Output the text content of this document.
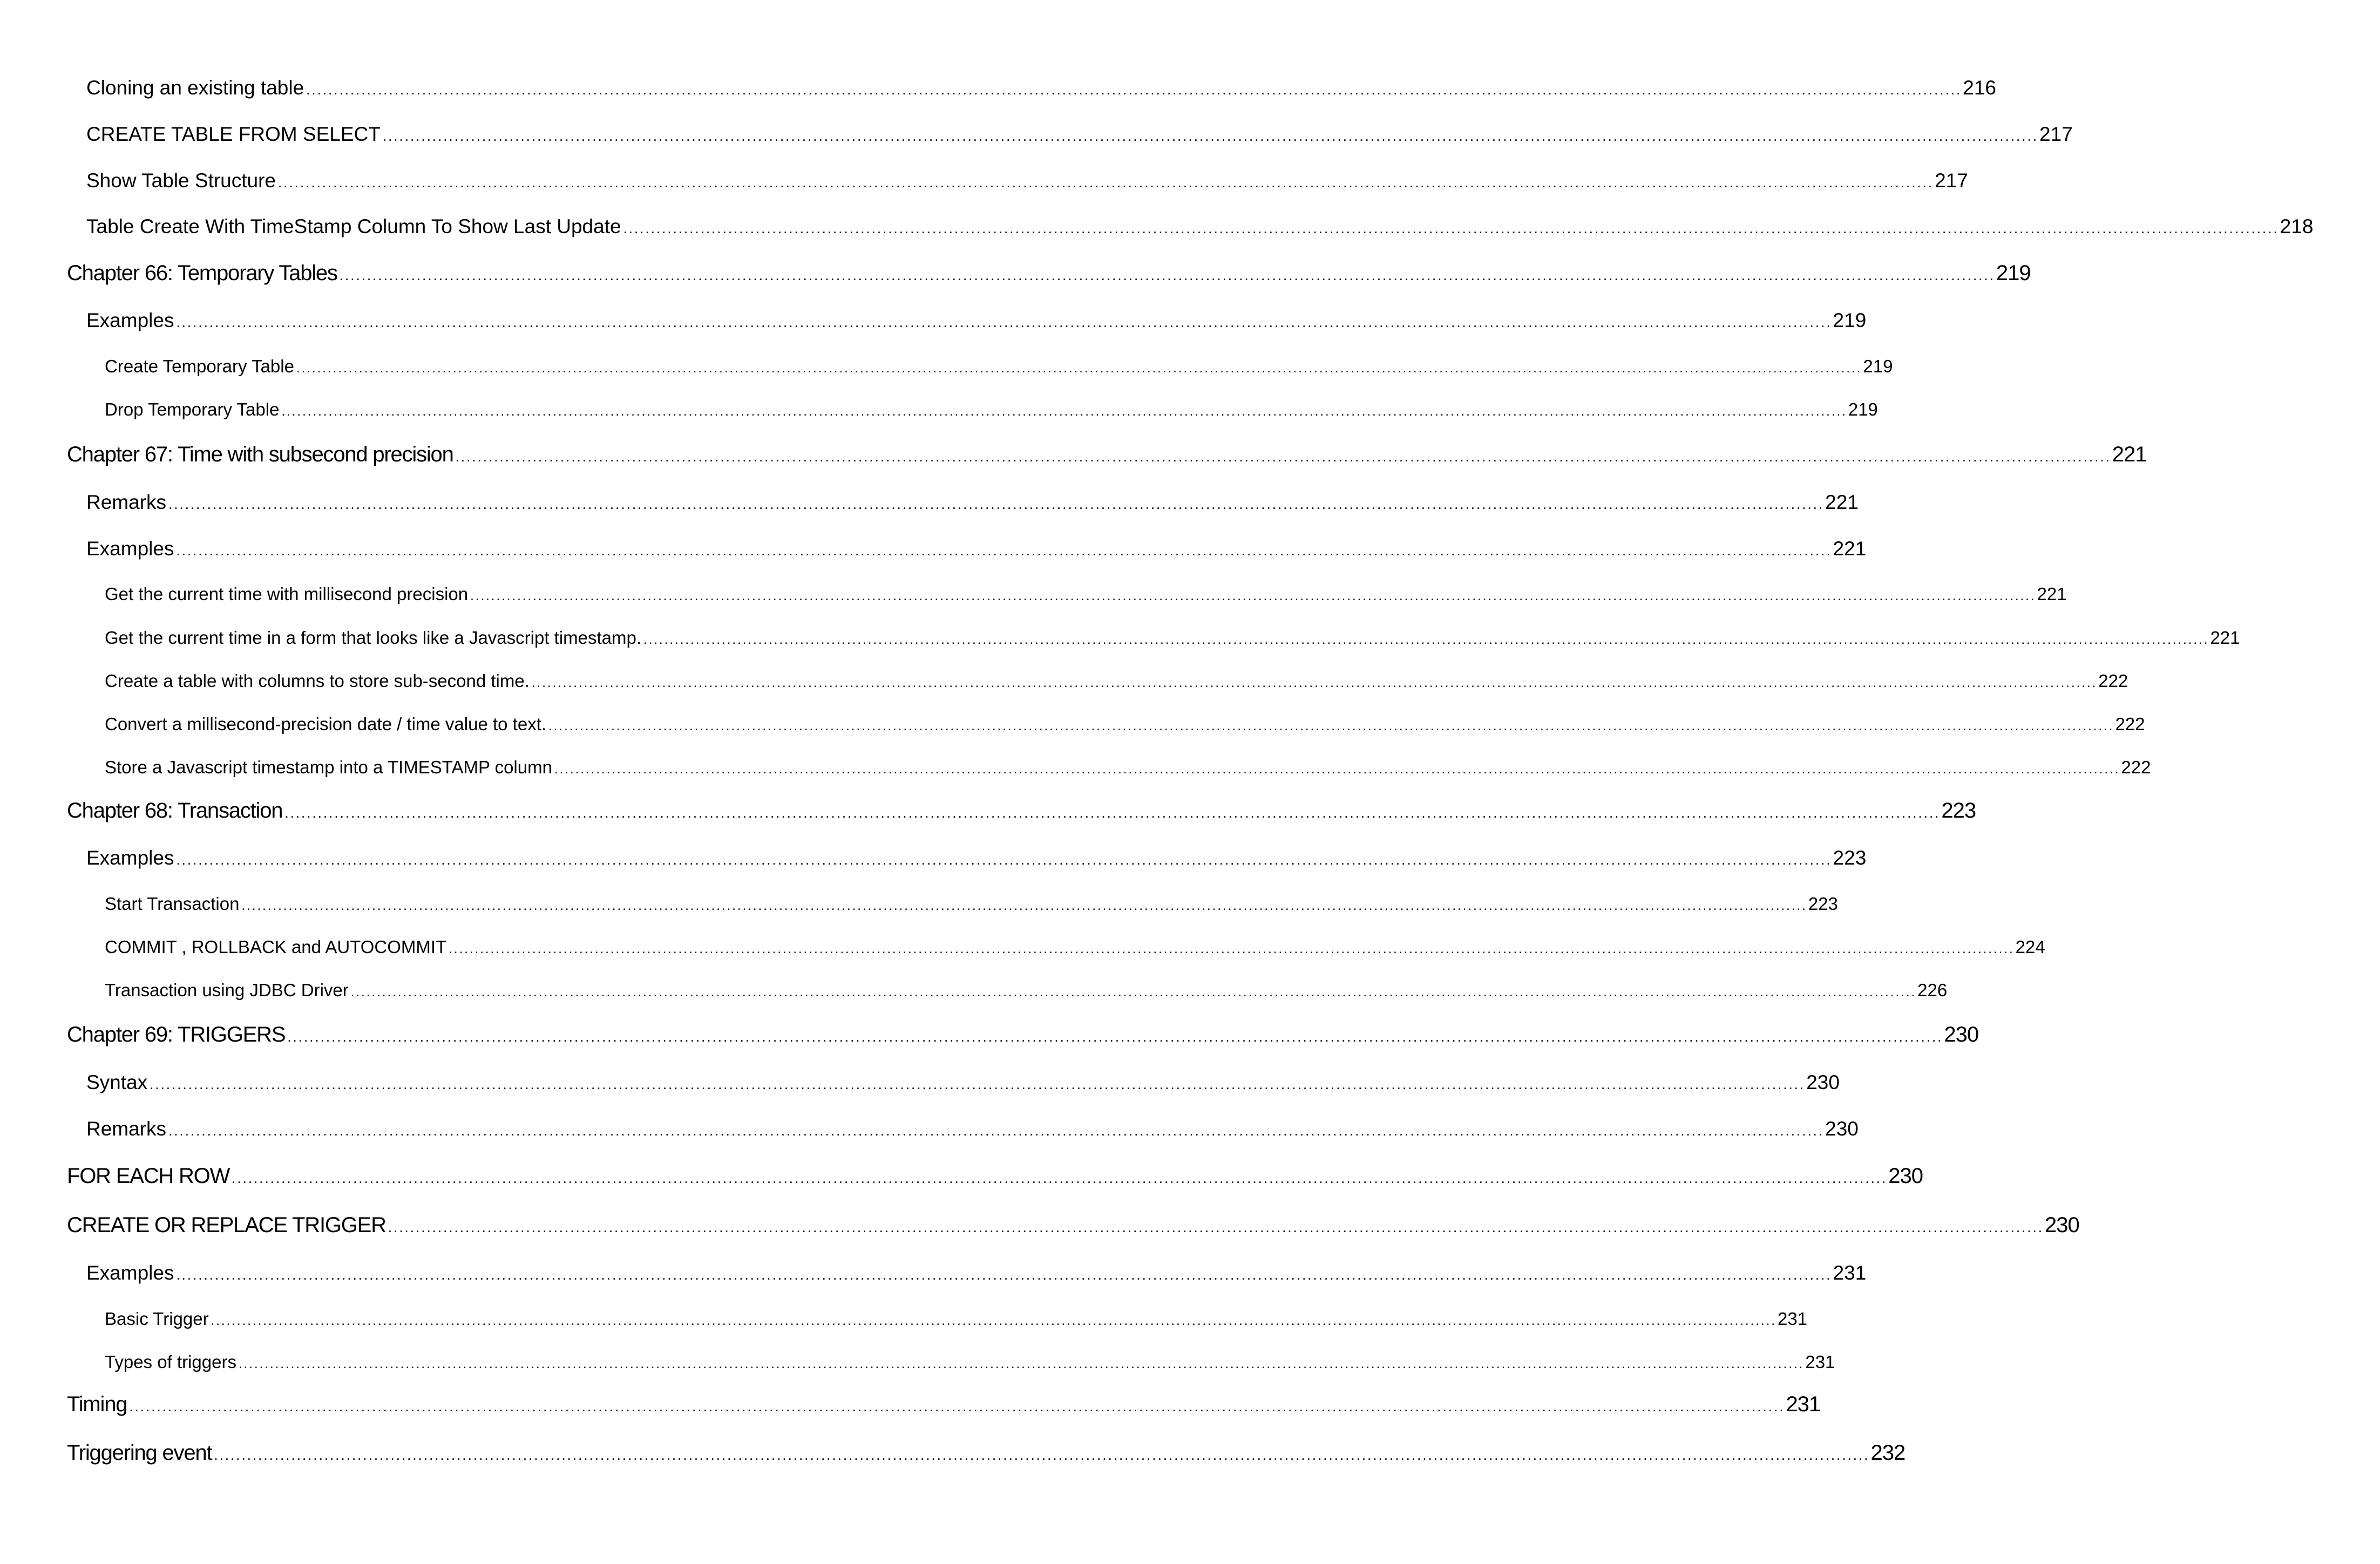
Cloning an existing table ............................................................................................................................................................................................................................................................................................................ 216
CREATE TABLE FROM SELECT ............................................................................................................................................................................................................................................................................................................ 217
Show Table Structure ............................................................................................................................................................................................................................................................................................................ 217
Table Create With TimeStamp Column To Show Last Update ............................................................................................................................................................................................................................................................................................................ 218
Chapter 66: Temporary Tables ............................................................................................................................................................................................................................................................................................................ 219
Examples ............................................................................................................................................................................................................................................................................................................ 219
Create Temporary Table ............................................................................................................................................................................................................................................................................................................ 219
Drop Temporary Table ............................................................................................................................................................................................................................................................................................................ 219
Chapter 67: Time with subsecond precision ............................................................................................................................................................................................................................................................................................................ 221
Remarks ............................................................................................................................................................................................................................................................................................................ 221
Examples ............................................................................................................................................................................................................................................................................................................ 221
Get the current time with millisecond precision ............................................................................................................................................................................................................................................................................................................ 221
Get the current time in a form that looks like a Javascript timestamp. ............................................................................................................................................................................................................................................................................................................ 221
Create a table with columns to store sub-second time. ............................................................................................................................................................................................................................................................................................................ 222
Convert a millisecond-precision date / time value to text. ............................................................................................................................................................................................................................................................................................................ 222
Store a Javascript timestamp into a TIMESTAMP column ............................................................................................................................................................................................................................................................................................................ 222
Chapter 68: Transaction ............................................................................................................................................................................................................................................................................................................ 223
Examples ............................................................................................................................................................................................................................................................................................................ 223
Start Transaction ............................................................................................................................................................................................................................................................................................................ 223
COMMIT , ROLLBACK and AUTOCOMMIT ............................................................................................................................................................................................................................................................................................................ 224
Transaction using JDBC Driver ............................................................................................................................................................................................................................................................................................................ 226
Chapter 69: TRIGGERS ............................................................................................................................................................................................................................................................................................................ 230
Syntax ............................................................................................................................................................................................................................................................................................................ 230
Remarks ............................................................................................................................................................................................................................................................................................................ 230
FOR EACH ROW ............................................................................................................................................................................................................................................................................................................ 230
CREATE OR REPLACE TRIGGER ............................................................................................................................................................................................................................................................................................................ 230
Examples ............................................................................................................................................................................................................................................................................................................ 231
Basic Trigger ............................................................................................................................................................................................................................................................................................................ 231
Types of triggers ............................................................................................................................................................................................................................................................................................................ 231
Timing ............................................................................................................................................................................................................................................................................................................ 231
Triggering event ............................................................................................................................................................................................................................................................................................................ 232
